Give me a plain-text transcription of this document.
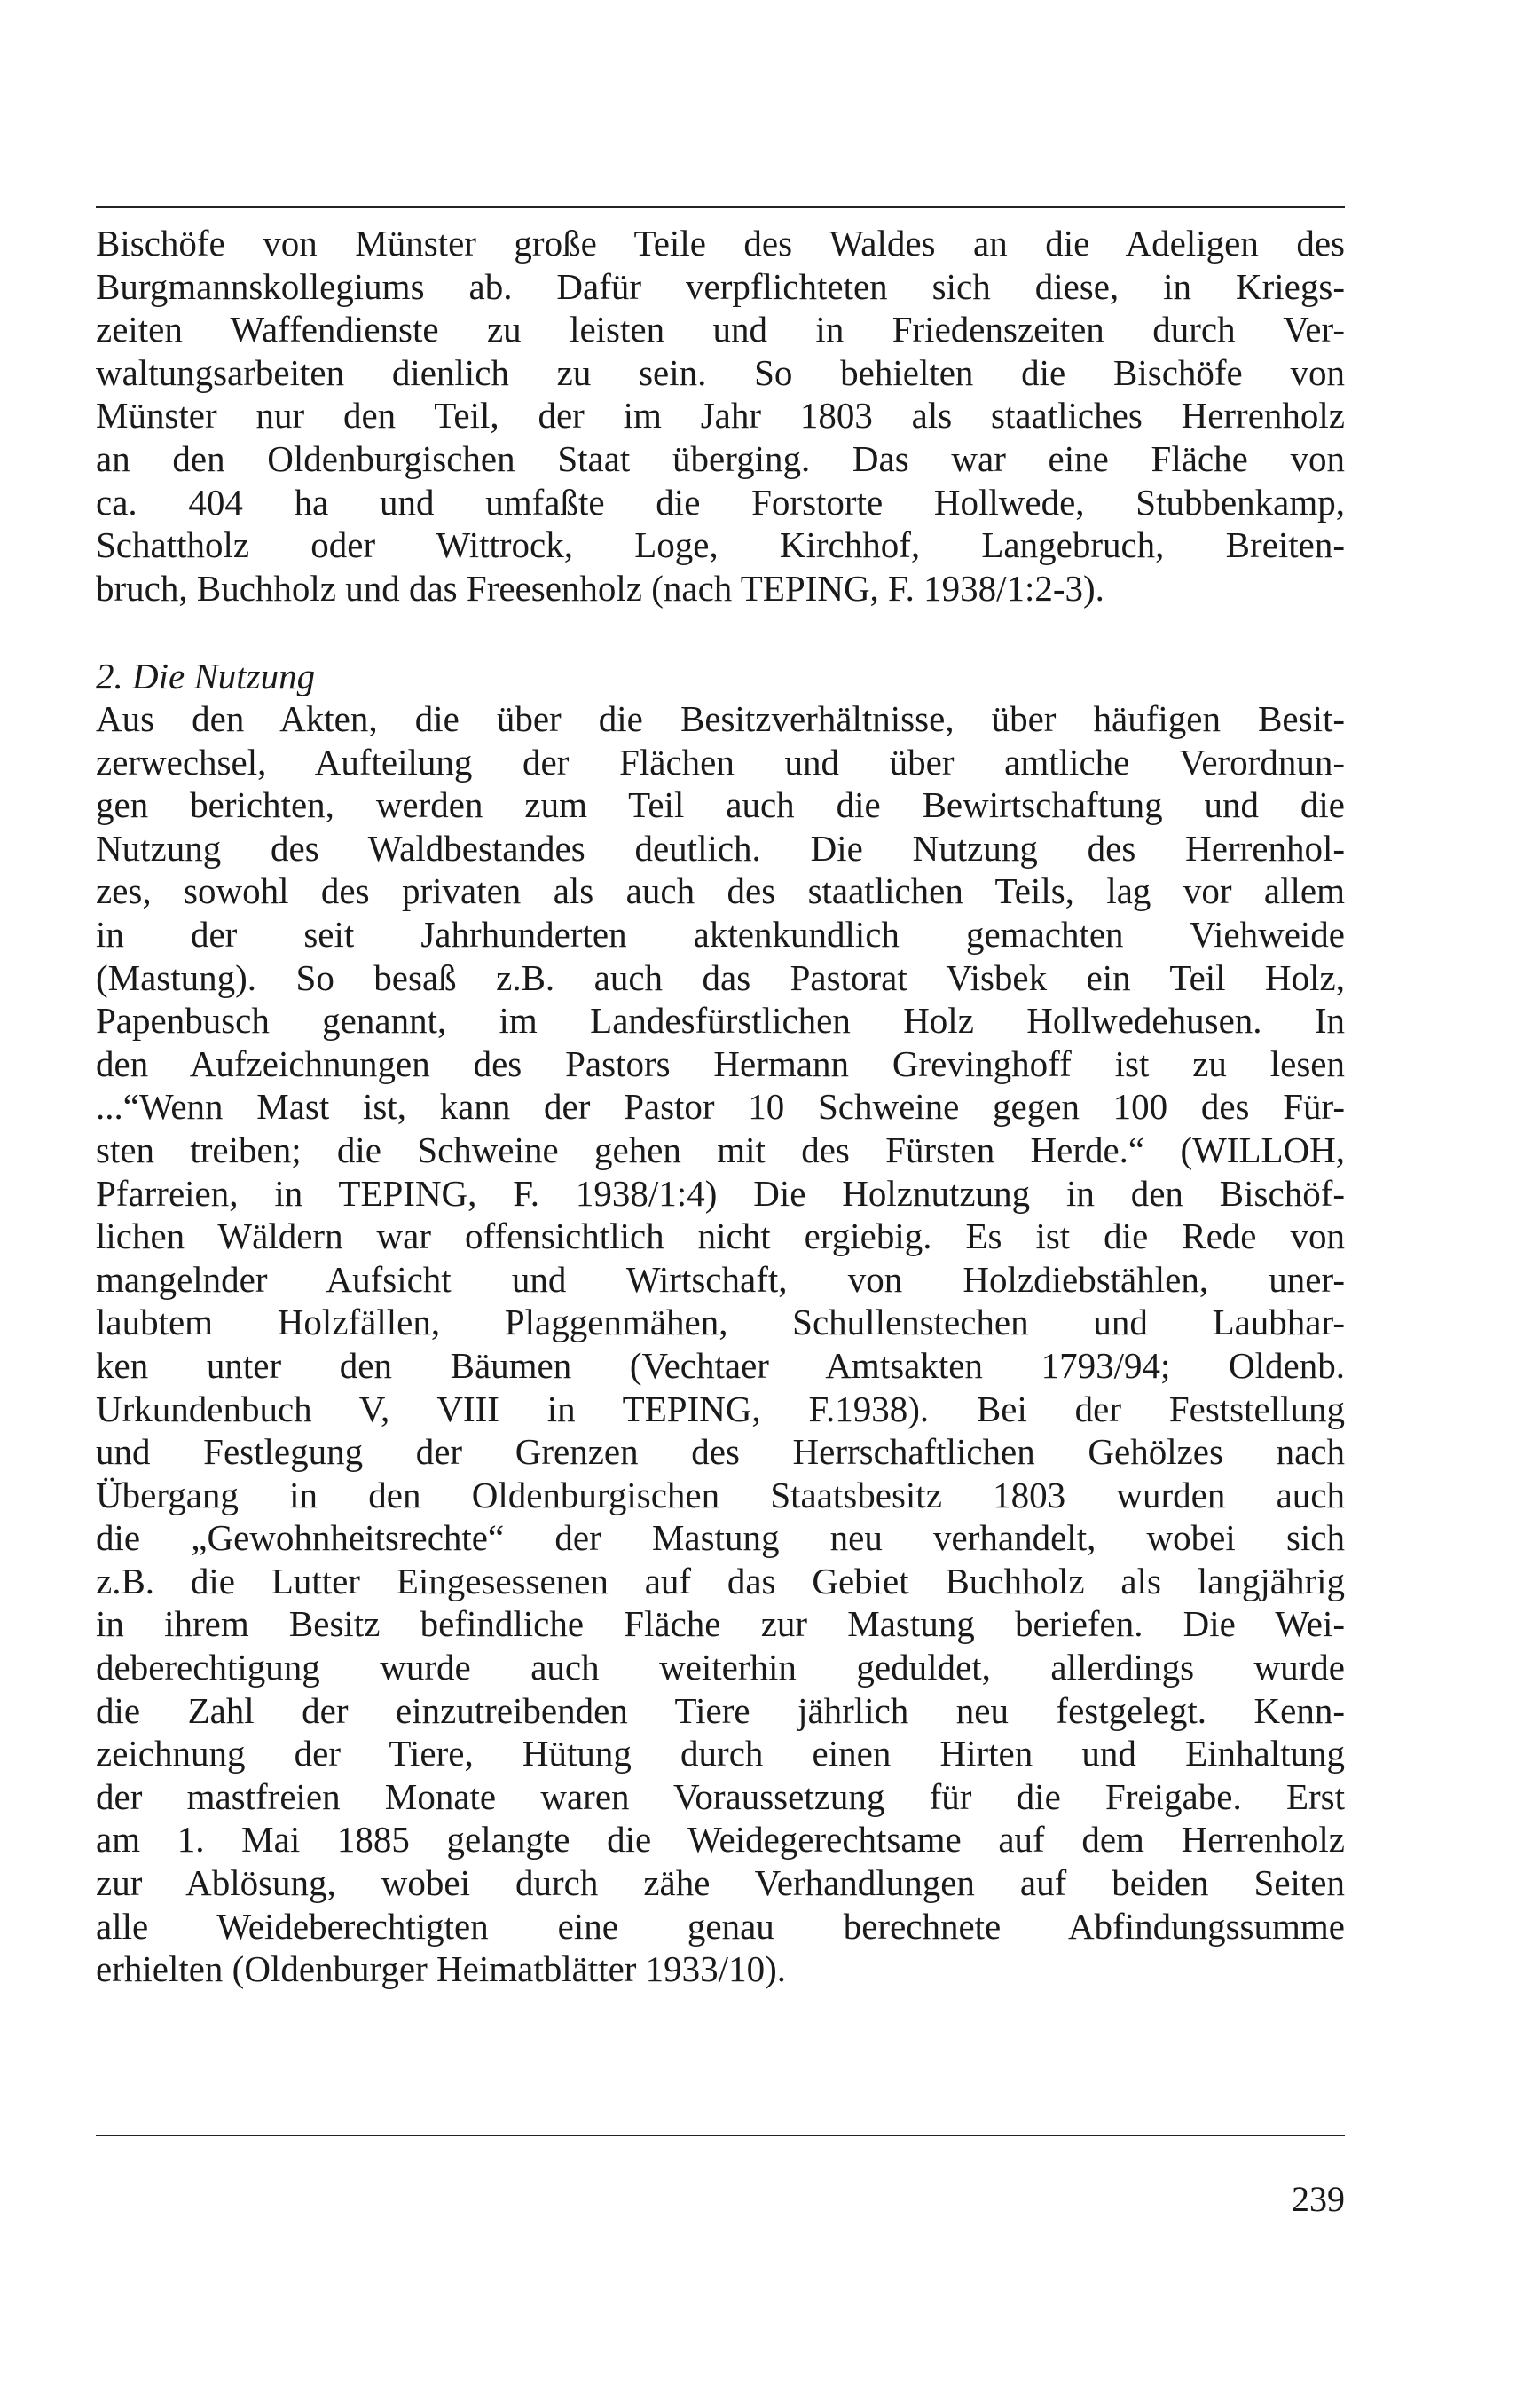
Bischöfe von Münster große Teile des Waldes an die Adeligen des
Burgmannskollegiums ab. Dafür verpflichteten sich diese, in Kriegs-
zeiten Waffendienste zu leisten und in Friedenszeiten durch Ver-
waltungsarbeiten dienlich zu sein. So behielten die Bischöfe von
Münster nur den Teil, der im Jahr 1803 als staatliches Herrenholz
an den Oldenburgischen Staat überging. Das war eine Fläche von
ca. 404 ha und umfaßte die Forstorte Hollwede, Stubbenkamp,
Schattholz oder Wittrock, Loge, Kirchhof, Langebruch, Breiten-
bruch, Buchholz und das Freesenholz (nach TEPING, F. 1938/1:2-3).
2. Die Nutzung
Aus den Akten, die über die Besitzverhältnisse, über häufigen Besit-
zerwechsel, Aufteilung der Flächen und über amtliche Verordnun-
gen berichten, werden zum Teil auch die Bewirtschaftung und die
Nutzung des Waldbestandes deutlich. Die Nutzung des Herrenhol-
zes, sowohl des privaten als auch des staatlichen Teils, lag vor allem
in der seit Jahrhunderten aktenkundlich gemachten Viehweide
(Mastung). So besaß z.B. auch das Pastorat Visbek ein Teil Holz,
Papenbusch genannt, im Landesfürstlichen Holz Hollwedehusen. In
den Aufzeichnungen des Pastors Hermann Grevinghoff ist zu lesen
...“Wenn Mast ist, kann der Pastor 10 Schweine gegen 100 des Für-
sten treiben; die Schweine gehen mit des Fürsten Herde.“ (WILLOH,
Pfarreien, in TEPING, F. 1938/1:4) Die Holznutzung in den Bischöf-
lichen Wäldern war offensichtlich nicht ergiebig. Es ist die Rede von
mangelnder Aufsicht und Wirtschaft, von Holzdiebstählen, uner-
laubtem Holzfällen, Plaggenmähen, Schullenstechen und Laubhar-
ken unter den Bäumen (Vechtaer Amtsakten 1793/94; Oldenb.
Urkundenbuch V, VIII in TEPING, F.1938). Bei der Feststellung
und Festlegung der Grenzen des Herrschaftlichen Gehölzes nach
Übergang in den Oldenburgischen Staatsbesitz 1803 wurden auch
die „Gewohnheitsrechte“ der Mastung neu verhandelt, wobei sich
z.B. die Lutter Eingesessenen auf das Gebiet Buchholz als langjährig
in ihrem Besitz befindliche Fläche zur Mastung beriefen. Die Wei-
deberechtigung wurde auch weiterhin geduldet, allerdings wurde
die Zahl der einzutreibenden Tiere jährlich neu festgelegt. Kenn-
zeichnung der Tiere, Hütung durch einen Hirten und Einhaltung
der mastfreien Monate waren Voraussetzung für die Freigabe. Erst
am 1. Mai 1885 gelangte die Weidegerechtsame auf dem Herrenholz
zur Ablösung, wobei durch zähe Verhandlungen auf beiden Seiten
alle Weideberechtigten eine genau berechnete Abfindungssumme
erhielten (Oldenburger Heimatblätter 1933/10).
239
